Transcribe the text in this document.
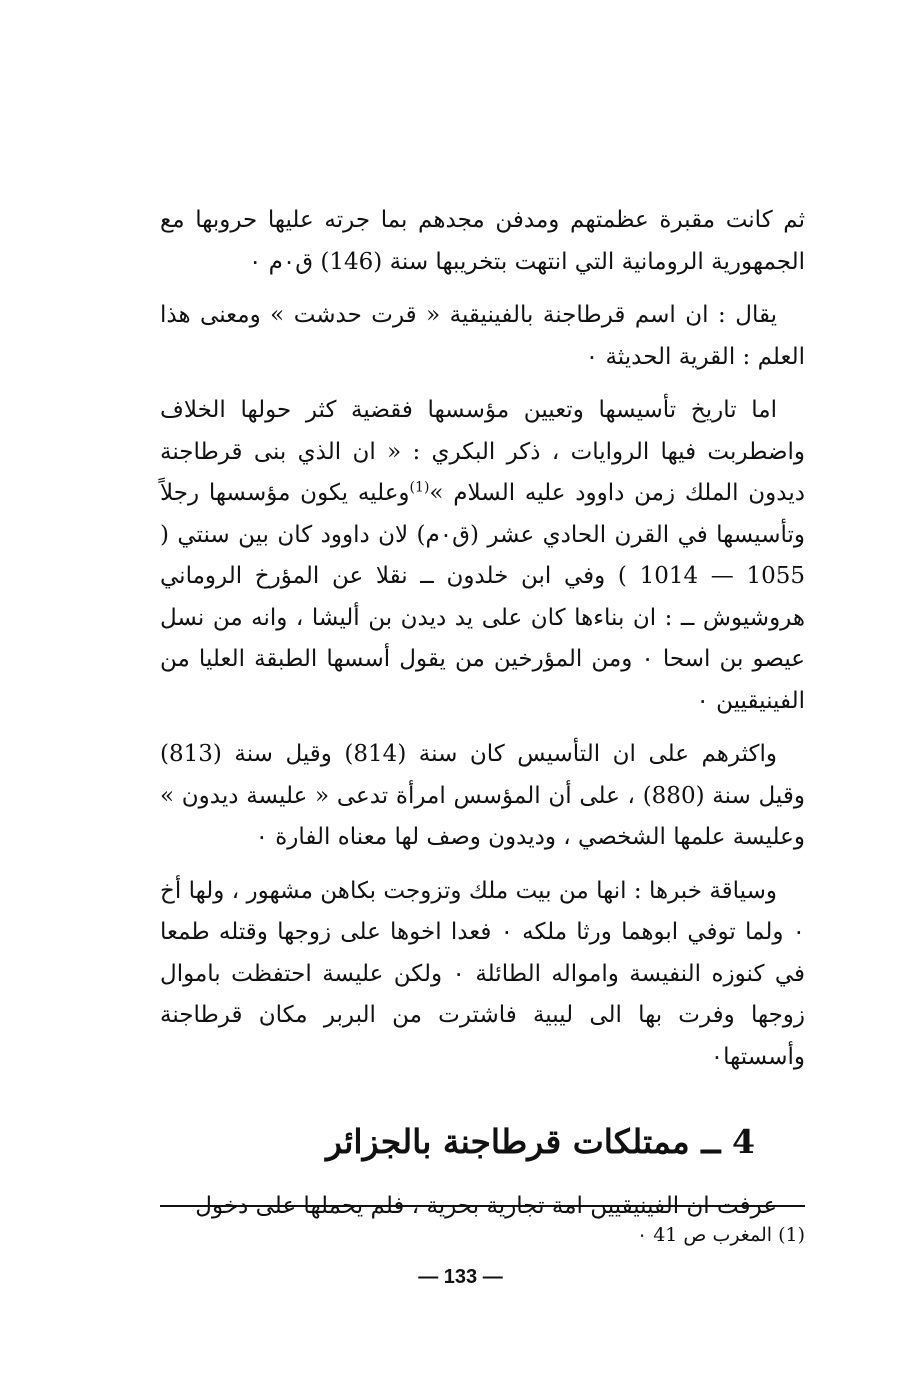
ثم كانت مقبرة عظمتهم ومدفن مجدهم بما جرته عليها حروبها مع الجمهورية الرومانية التي انتهت بتخريبها سنة (146) ق٠م ٠

يقال : ان اسم قرطاجنة بالفينيقية « قرت حدشت » ومعنى هذا العلم : القرية الحديثة ٠

اما تاريخ تأسيسها وتعيين مؤسسها فقضية كثر حولها الخلاف واضطربت فيها الروايات ، ذكر البكري : « ان الذي بنى قرطاجنة ديدون الملك زمن داوود عليه السلام »$^{(1)}$وعليه يكون مؤسسها رجلاً وتأسيسها في القرن الحادي عشر (ق٠م) لان داوود كان بين سنتي ( 1055 — 1014 ) وفي ابن خلدون ــ نقلا عن المؤرخ الروماني هروشيوش ــ : ان بناءها كان على يد ديدن بن أليشا ، وانه من نسل عيصو بن اسحا ٠ ومن المؤرخين من يقول أسسها الطبقة العليا من الفينيقيين ٠

واكثرهم على ان التأسيس كان سنة (814) وقيل سنة (813) وقيل سنة (880) ، على أن المؤسس امرأة تدعى « عليسة ديدون » وعليسة علمها الشخصي ، وديدون وصف لها معناه الفارة ٠

وسياقة خبرها : انها من بيت ملك وتزوجت بكاهن مشهور ، ولها أخ ٠ ولما توفي ابوهما ورثا ملكه ٠ فعدا اخوها على زوجها وقتله طمعا في كنوزه النفيسة وامواله الطائلة ٠ ولكن عليسة احتفظت باموال زوجها وفرت بها الى ليبية فاشترت من البربر مكان قرطاجنة وأسستها٠

4 ــ ممتلكات قرطاجنة بالجزائر

عرفت ان الفينيقيين امة تجارية بحرية ، فلم يحملها على دخول

(1) المغرب ص 41 ٠
— 133 —
